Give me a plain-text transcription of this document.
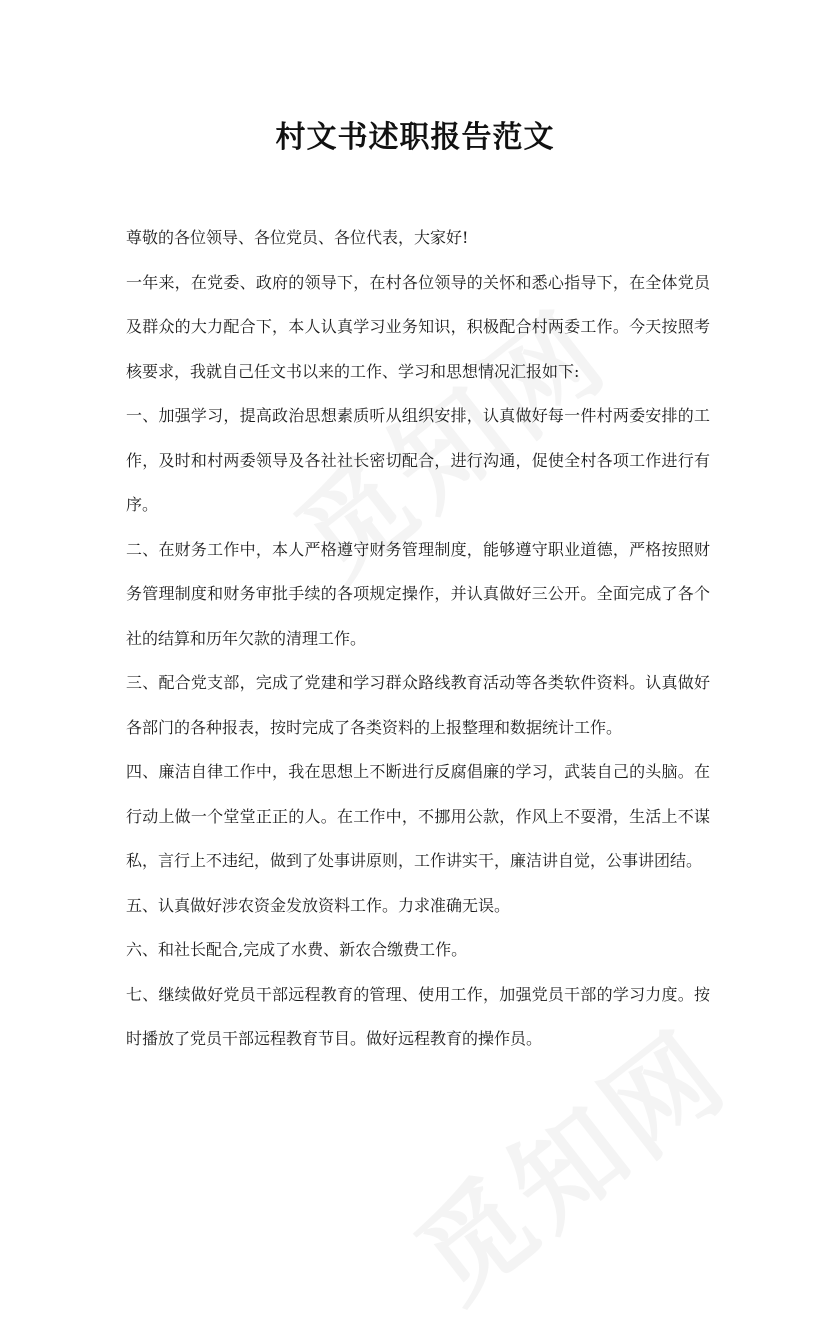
村文书述职报告范文

尊敬的各位领导、各位党员、各位代表，大家好!

一年来，在党委、政府的领导下，在村各位领导的关怀和悉心指导下，在全体党员及群众的大力配合下，本人认真学习业务知识，积极配合村两委工作。今天按照考核要求，我就自己任文书以来的工作、学习和思想情况汇报如下:

一、加强学习，提高政治思想素质听从组织安排，认真做好每一件村两委安排的工作，及时和村两委领导及各社社长密切配合，进行沟通，促使全村各项工作进行有序。

二、在财务工作中，本人严格遵守财务管理制度，能够遵守职业道德，严格按照财务管理制度和财务审批手续的各项规定操作，并认真做好三公开。全面完成了各个社的结算和历年欠款的清理工作。

三、配合党支部，完成了党建和学习群众路线教育活动等各类软件资料。认真做好各部门的各种报表，按时完成了各类资料的上报整理和数据统计工作。

四、廉洁自律工作中，我在思想上不断进行反腐倡廉的学习，武装自己的头脑。在行动上做一个堂堂正正的人。在工作中，不挪用公款，作风上不耍滑，生活上不谋私，言行上不违纪，做到了处事讲原则，工作讲实干，廉洁讲自觉，公事讲团结。

五、认真做好涉农资金发放资料工作。力求准确无误。

六、和社长配合,完成了水费、新农合缴费工作。

七、继续做好党员干部远程教育的管理、使用工作，加强党员干部的学习力度。按时播放了党员干部远程教育节目。做好远程教育的操作员。
